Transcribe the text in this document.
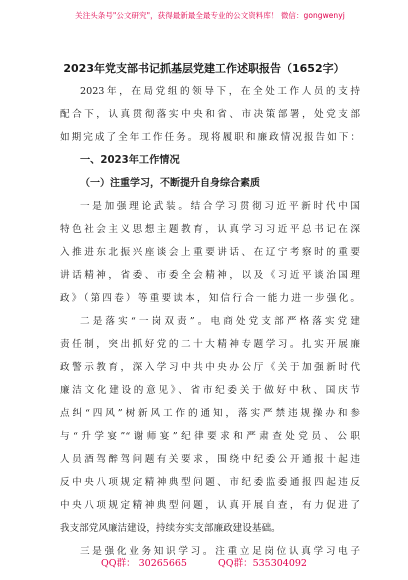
关注头条号"公文研究"，获得最新最全最专业的公文资料库！ 微信：gongwenyj
2023年党支部书记抓基层党建工作述职报告（1652字）
2023年，在局党组的领导下，在全处工作人员的支持
配合下，认真贯彻落实中央和省、市决策部署，处党支部
如期完成了全年工作任务。现将履职和廉政情况报告如下：
一、2023年工作情况
（一）注重学习，不断提升自身综合素质
一是加强理论武装。结合学习贯彻习近平新时代中国
特色社会主义思想主题教育，认真学习习近平总书记在深
入推进东北振兴座谈会上重要讲话、在辽宁考察时的重要
讲话精神，省委、市委全会精神，以及《习近平谈治国理
政》（第四卷）等重要读本，知信行合一能力进一步强化。
二是落实“一岗双责”。电商处党支部严格落实党建
责任制，突出抓好党的二十大精神专题学习。扎实开展廉
政警示教育，深入学习中共中央办公厅《关于加强新时代
廉洁文化建设的意见》、省市纪委关于做好中秋、国庆节
点纠“四风”树新风工作的通知，落实严禁违规操办和参
与“升学宴”“谢师宴”纪律要求和严肃查处党员、公职
人员酒驾醉驾问题有关要求，围绕中纪委公开通报十起违
反中央八项规定精神典型问题、市纪委监委通报四起违反
中央八项规定精神典型问题，认真开展自查，有力促进了
我支部党风廉洁建设，持续夯实支部廉政建设基础。
三是强化业务知识学习。注重立足岗位认真学习电子
QQ群： 30265665	QQ群：535304092
